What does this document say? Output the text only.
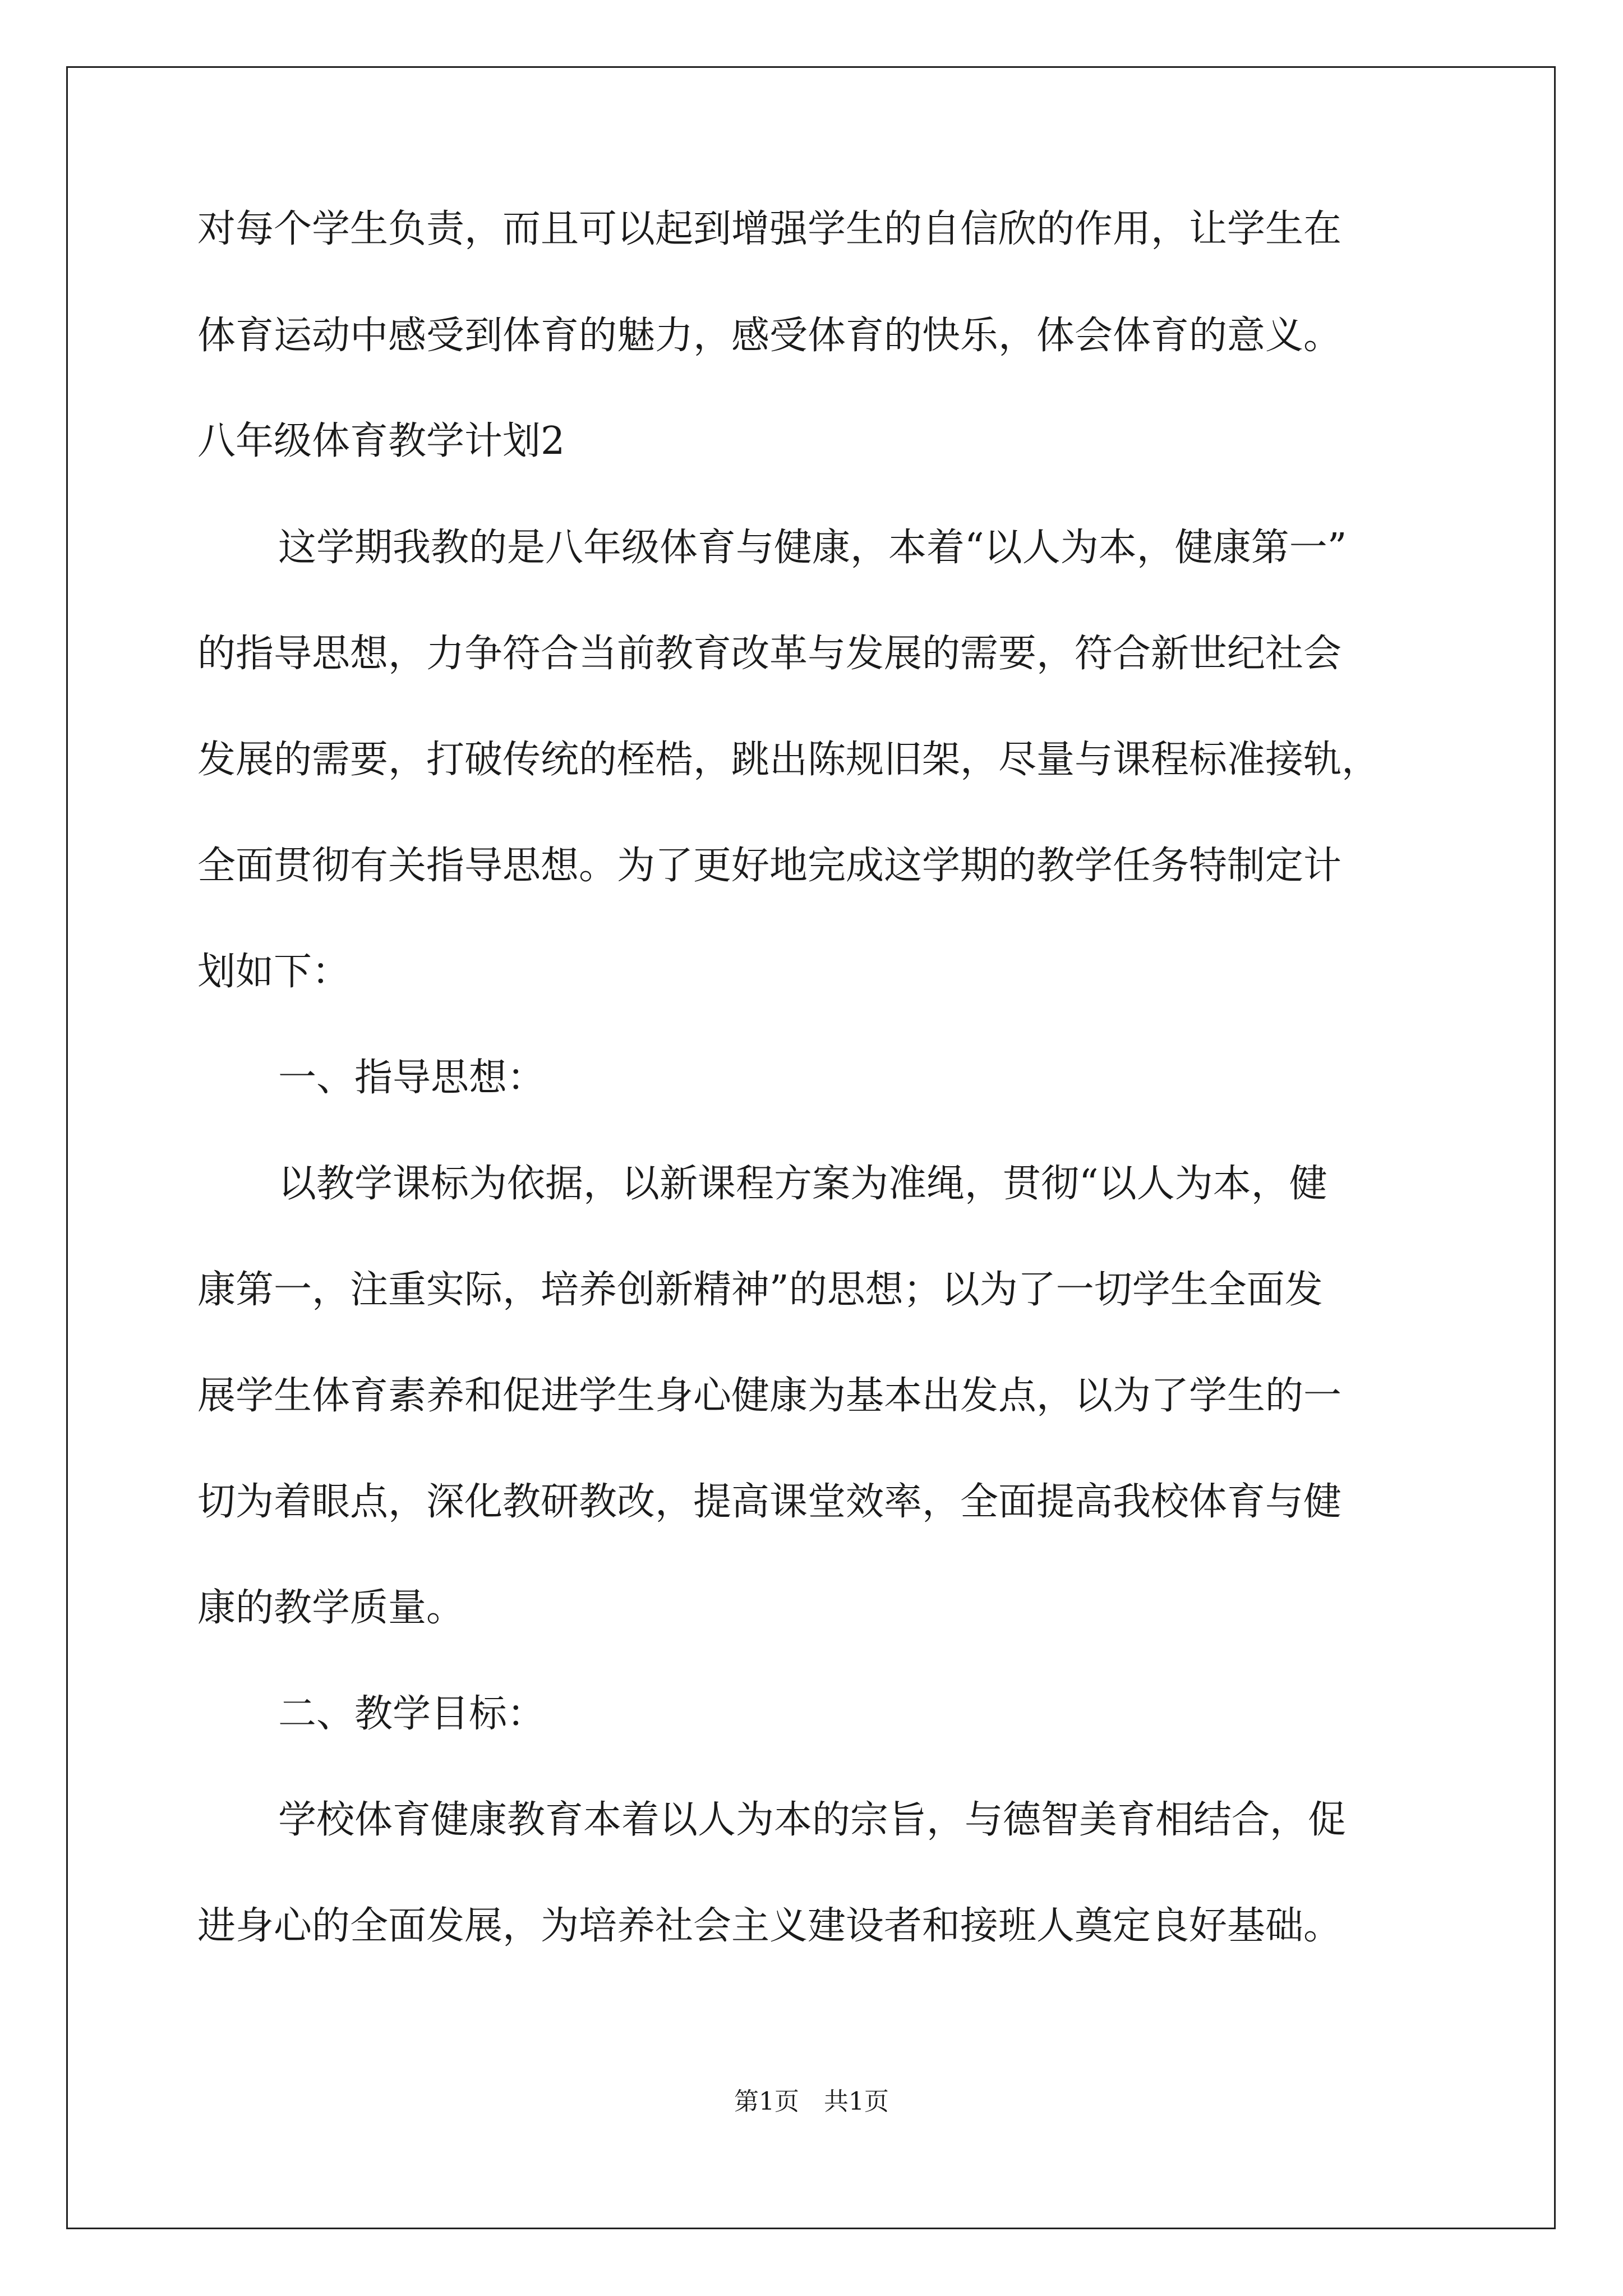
对每个学生负责，而且可以起到增强学生的自信欣的作用，让学生在
体育运动中感受到体育的魅力，感受体育的快乐，体会体育的意义。
八年级体育教学计划2
这学期我教的是八年级体育与健康，本着“以人为本，健康第一”
的指导思想，力争符合当前教育改革与发展的需要，符合新世纪社会
发展的需要，打破传统的桎梏，跳出陈规旧架，尽量与课程标准接轨，
全面贯彻有关指导思想。为了更好地完成这学期的教学任务特制定计
划如下：
一、指导思想：
以教学课标为依据，以新课程方案为准绳，贯彻“以人为本，健
康第一，注重实际，培养创新精神”的思想；以为了一切学生全面发
展学生体育素养和促进学生身心健康为基本出发点，以为了学生的一
切为着眼点，深化教研教改，提高课堂效率，全面提高我校体育与健
康的教学质量。
二、教学目标：
学校体育健康教育本着以人为本的宗旨，与德智美育相结合，促
进身心的全面发展，为培养社会主义建设者和接班人奠定良好基础。
第1页　共1页
